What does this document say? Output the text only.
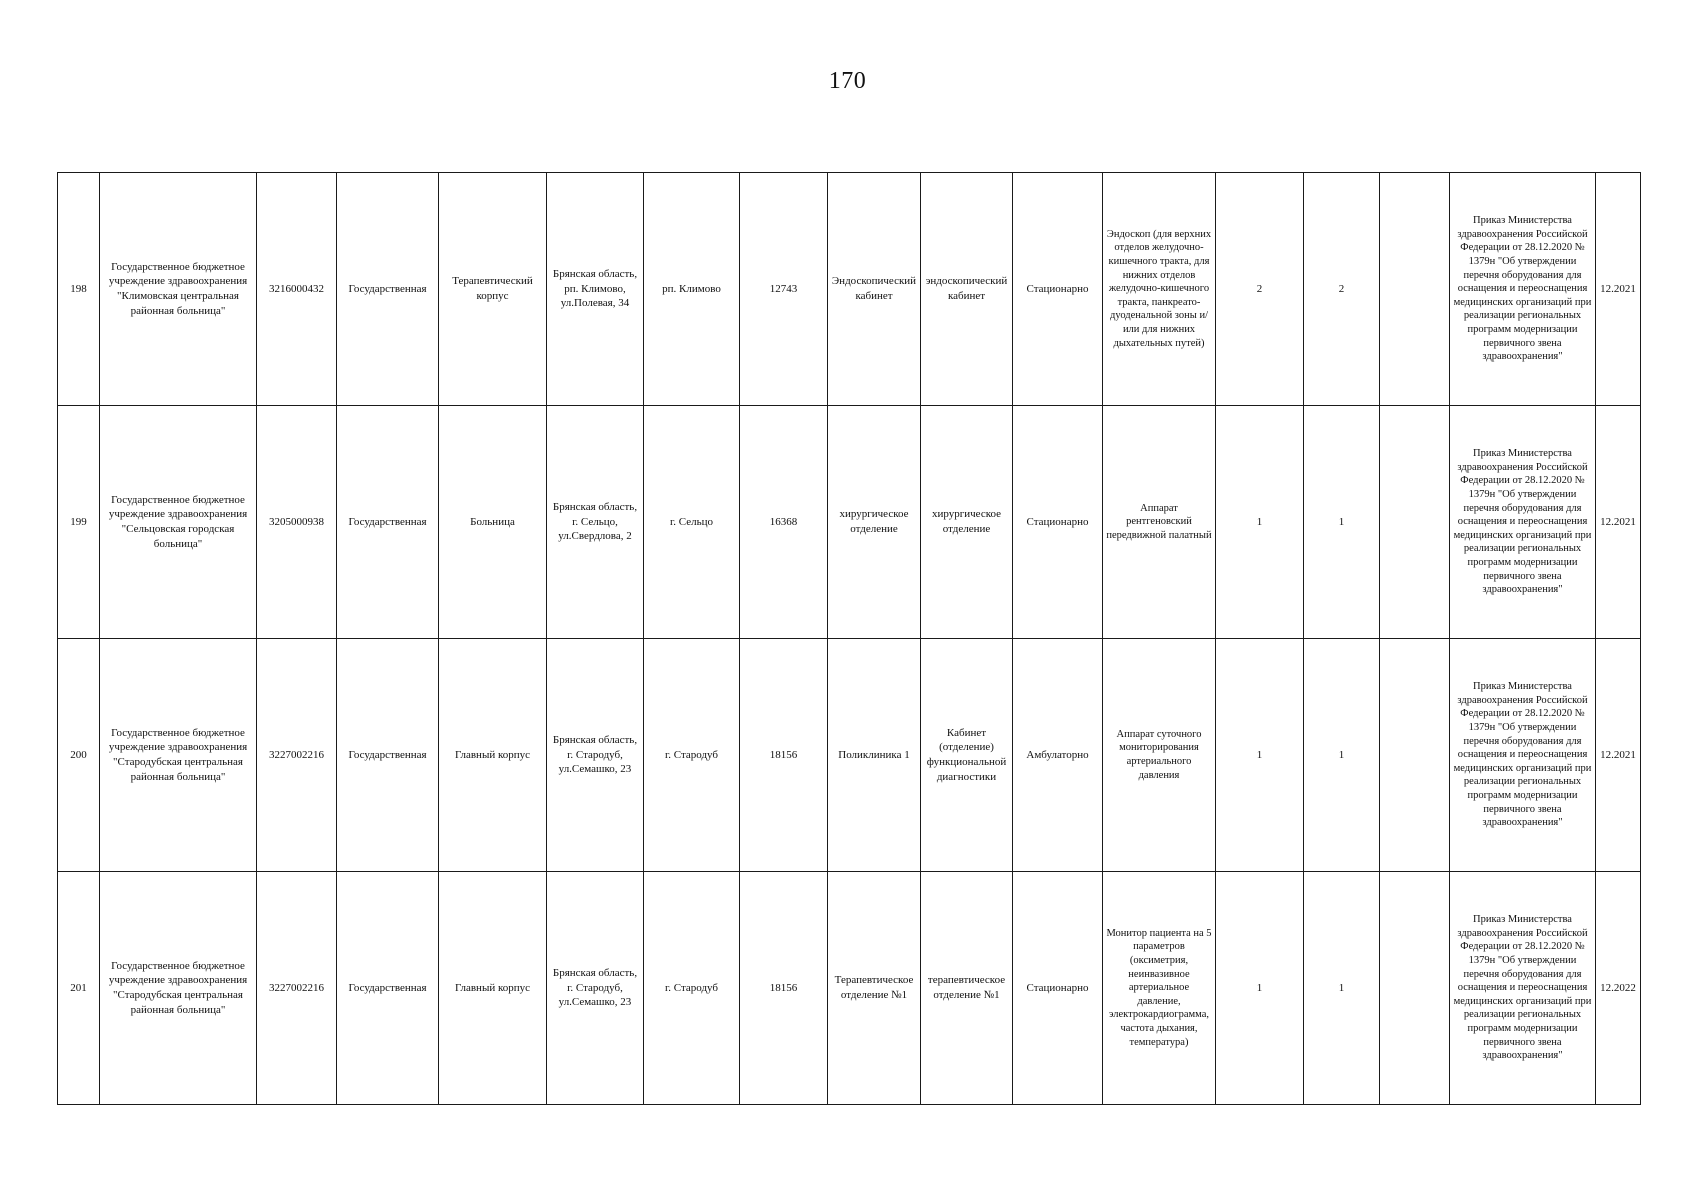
170
198	Государственное бюджетное учреждение здравоохранения "Климовская центральная районная больница"	3216000432	Государственная	Терапевтический корпус	Брянская область, рп. Климово, ул.Полевая, 34	рп. Климово	12743	Эндоскопический кабинет	эндоскопический кабинет	Стационарно	Эндоскоп (для верхних отделов желудочно-кишечного тракта, для нижних отделов желудочно-кишечного тракта, панкреато-дуоденальной зоны и/или для нижних дыхательных путей)	2	2		Приказ Министерства здравоохранения Российской Федерации от 28.12.2020 № 1379н "Об утверждении перечня оборудования для оснащения и переоснащения медицинских организаций при реализации региональных программ модернизации первичного звена здравоохранения"	12.2021
199	Государственное бюджетное учреждение здравоохранения "Сельцовская городская больница"	3205000938	Государственная	Больница	Брянская область, г. Сельцо, ул.Свердлова, 2	г. Сельцо	16368	хирургическое отделение	хирургическое отделение	Стационарно	Аппарат рентгеновский передвижной палатный	1	1		Приказ Министерства здравоохранения Российской Федерации от 28.12.2020 № 1379н "Об утверждении перечня оборудования для оснащения и переоснащения медицинских организаций при реализации региональных программ модернизации первичного звена здравоохранения"	12.2021
200	Государственное бюджетное учреждение здравоохранения "Стародубская центральная районная больница"	3227002216	Государственная	Главный корпус	Брянская область, г. Стародуб, ул.Семашко, 23	г. Стародуб	18156	Поликлиника 1	Кабинет (отделение) функциональной диагностики	Амбулаторно	Аппарат суточного мониторирования артериального давления	1	1		Приказ Министерства здравоохранения Российской Федерации от 28.12.2020 № 1379н "Об утверждении перечня оборудования для оснащения и переоснащения медицинских организаций при реализации региональных программ модернизации первичного звена здравоохранения"	12.2021
201	Государственное бюджетное учреждение здравоохранения "Стародубская центральная районная больница"	3227002216	Государственная	Главный корпус	Брянская область, г. Стародуб, ул.Семашко, 23	г. Стародуб	18156	Терапевтическое отделение №1	терапевтическое отделение №1	Стационарно	Монитор пациента на 5 параметров (оксиметрия, неинвазивное артериальное давление, электрокардиограмма, частота дыхания, температура)	1	1		Приказ Министерства здравоохранения Российской Федерации от 28.12.2020 № 1379н "Об утверждении перечня оборудования для оснащения и переоснащения медицинских организаций при реализации региональных программ модернизации первичного звена здравоохранения"	12.2022
